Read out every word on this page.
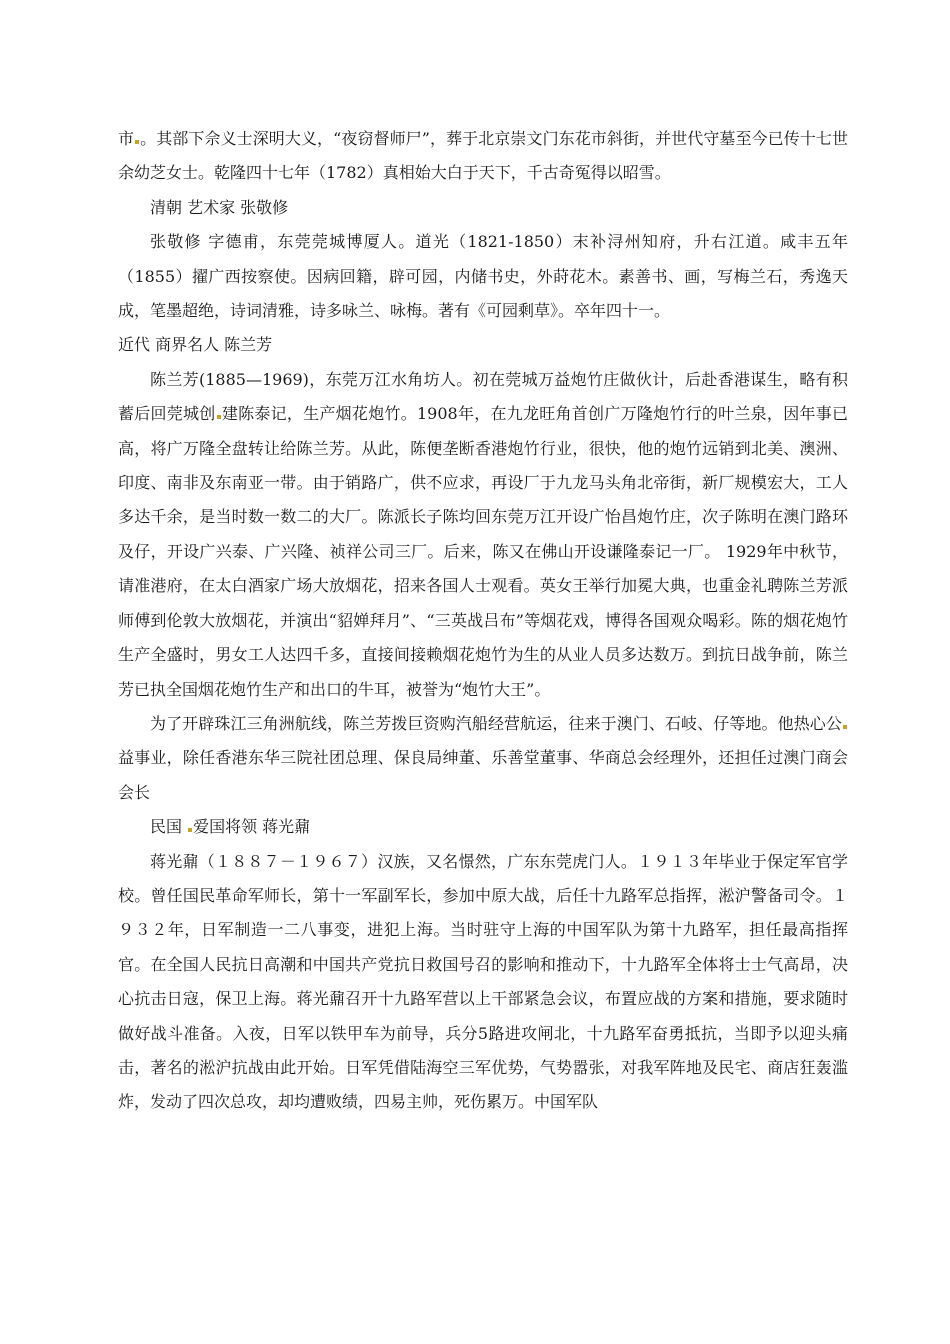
市 。其部下佘义士深明大义，“夜窃督师尸”，葬于北京崇文门东花市斜街，并世代守墓至今已传十七世余幼芝女士。乾隆四十七年（1782）真相始大白于天下，千古奇冤得以昭雪。

清朝 艺术家 张敬修

张敬修 字德甫，东莞莞城博厦人。道光（1821-1850）末补浔州知府，升右江道。咸丰五年（1855）擢广西按察使。因病回籍，辟可园，内储书史，外莳花木。素善书、画，写梅兰石，秀逸天成，笔墨超绝，诗词清雅，诗多咏兰、咏梅。著有《可园剩草》。卒年四十一。

近代 商界名人 陈兰芳

陈兰芳(1885—1969)，东莞万江水角坊人。初在莞城万益炮竹庄做伙计，后赴香港谋生，略有积蓄后回莞城创 建陈泰记，生产烟花炮竹。1908年，在九龙旺角首创广万隆炮竹行的叶兰泉，因年事已高，将广万隆全盘转让给陈兰芳。从此，陈便垄断香港炮竹行业，很快，他的炮竹远销到北美、澳洲、印度、南非及东南亚一带。由于销路广，供不应求，再设厂于九龙马头角北帝街，新厂规模宏大，工人多达千余，是当时数一数二的大厂。陈派长子陈均回东莞万江开设广怡昌炮竹庄，次子陈明在澳门路环及仔，开设广兴泰、广兴隆、祯祥公司三厂。后来，陈又在佛山开设谦隆泰记一厂。 1929年中秋节，请准港府，在太白酒家广场大放烟花，招来各国人士观看。英女王举行加冕大典，也重金礼聘陈兰芳派师傅到伦敦大放烟花，并演出“貂婵拜月”、“三英战吕布”等烟花戏，博得各国观众喝彩。陈的烟花炮竹生产全盛时，男女工人达四千多，直接间接赖烟花炮竹为生的从业人员多达数万。到抗日战争前，陈兰芳已执全国烟花炮竹生产和出口的牛耳，被誉为“炮竹大王”。

为了开辟珠江三角洲航线，陈兰芳拨巨资购汽船经营航运，往来于澳门、石岐、仔等地。他热心公益事业，除任香港东华三院社团总理、保良局绅董、乐善堂董事、华商总会经理外，还担任过澳门商会会长

民国 爱国将领 蒋光鼐

蒋光鼐（１８８７－１９６７）汉族，又名憬然，广东东莞虎门人。１９１３年毕业于保定军官学校。曾任国民革命军师长，第十一军副军长，参加中原大战，后任十九路军总指挥，淞沪警备司令。１９３２年，日军制造一二八事变，进犯上海。当时驻守上海的中国军队为第十九路军，担任最高指挥官。在全国人民抗日高潮和中国共产党抗日救国号召的影响和推动下，十九路军全体将士士气高昂，决心抗击日寇，保卫上海。蒋光鼐召开十九路军营以上干部紧急会议，布置应战的方案和措施，要求随时做好战斗准备。入夜，日军以铁甲车为前导，兵分5路进攻闸北，十九路军奋勇抵抗，当即予以迎头痛击，著名的淞沪抗战由此开始。日军凭借陆海空三军优势，气势嚣张，对我军阵地及民宅、商店狂轰滥炸，发动了四次总攻，却均遭败绩，四易主帅，死伤累万。中国军队
